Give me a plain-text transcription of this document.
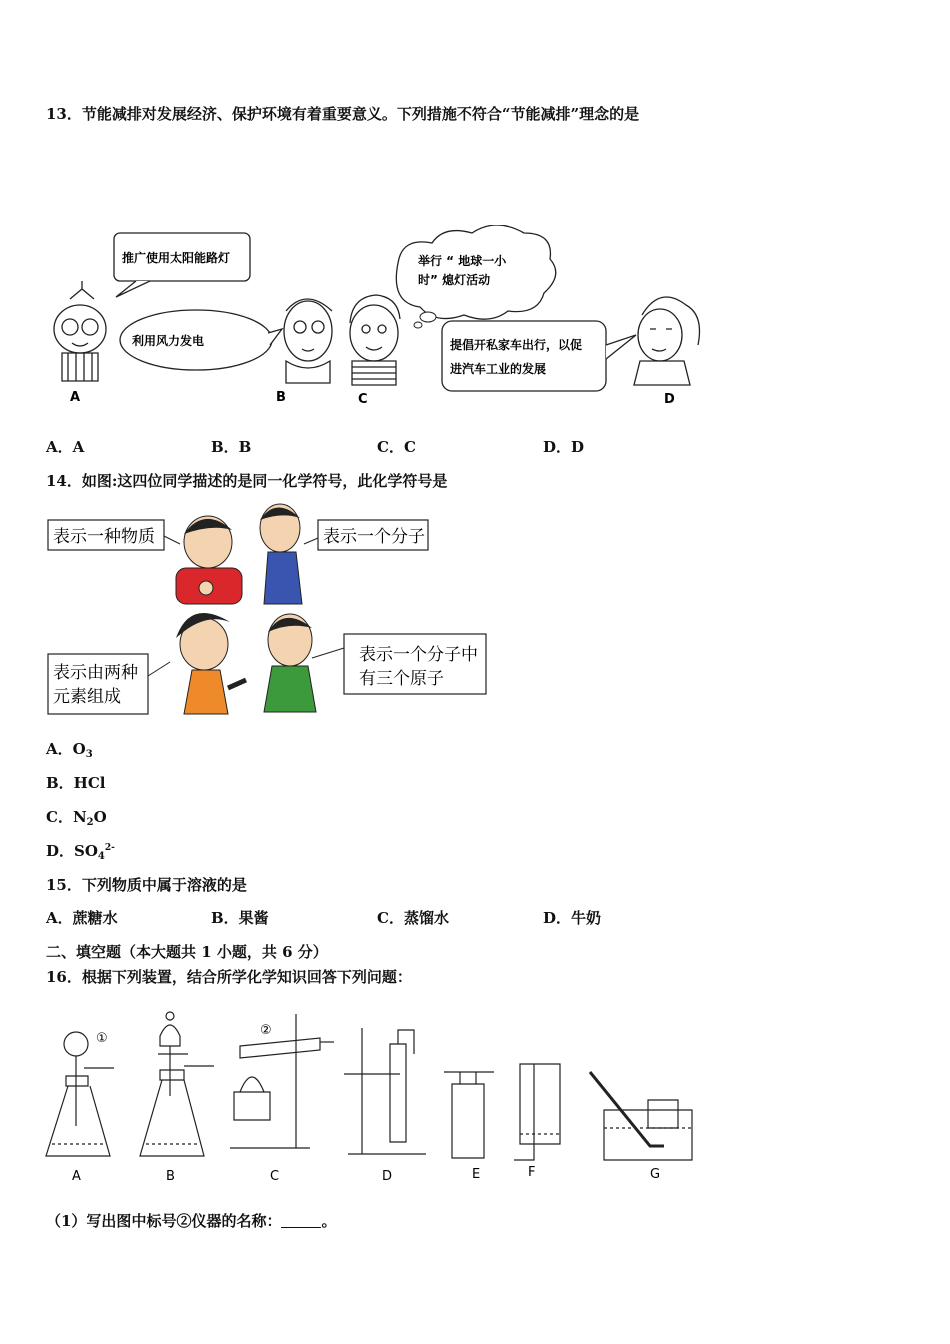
13．节能减排对发展经济、保护环境有着重要意义。下列措施不符合“节能减排”理念的是
推广使用太阳能路灯
利用风力发电
举行 “ 地球一小
时” 熄灯活动
提倡开私家车出行，以促
进汽车工业的发展
A	B	C	D
A．A	B．B	C．C	D．D
14．如图:这四位同学描述的是同一化学符号，此化学符号是
表示一种物质	表示一个分子
表示由两种
元素组成
表示一个分子中
有三个原子
A．$O_3$
B．HCl
C．$N_2O$
D．$SO_4^{2-}$
15．下列物质中属于溶液的是
A．蔗糖水	B．果酱	C．蒸馏水	D．牛奶
二、填空题（本大题共 1 小题，共 6 分）
16．根据下列装置，结合所学化学知识回答下列问题：
①
②
A	B	C	D	E	F	G
（1）写出图中标号②仪器的名称：	。
